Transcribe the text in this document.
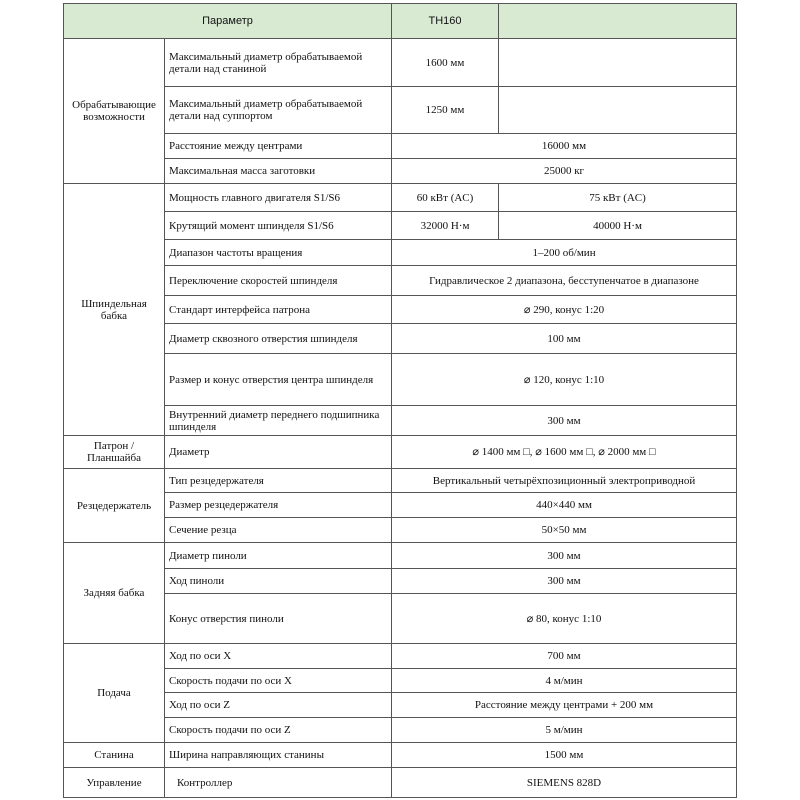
Параметр		TH160	
Обрабатывающие возможности	Максимальный диаметр обрабатываемой детали над станиной	1600 мм	
	Максимальный диаметр обрабатываемой детали над суппортом	1250 мм	
	Расстояние между центрами	16000 мм	
	Максимальная масса заготовки	25000 кг	
Шпиндельная бабка	Мощность главного двигателя S1/S6	60 кВт (AC)	75 кВт (AC)
	Крутящий момент шпинделя S1/S6	32000 Н·м	40000 Н·м
	Диапазон частоты вращения	1–200 об/мин	
	Переключение скоростей шпинделя	Гидравлическое 2 диапазона, бесступенчатое в диапазоне	
	Стандарт интерфейса патрона	⌀ 290, конус 1:20	
	Диаметр сквозного отверстия шпинделя	100 мм	
	Размер и конус отверстия центра шпинделя	⌀ 120, конус 1:10	
	Внутренний диаметр переднего подшипника шпинделя	300 мм	
Патрон / Планшайба	Диаметр	⌀ 1400 мм □, ⌀ 1600 мм □, ⌀ 2000 мм □	
Резцедержатель	Тип резцедержателя	Вертикальный четырёхпозиционный электроприводной	
	Размер резцедержателя	440×440 мм	
	Сечение резца	50×50 мм	
Задняя бабка	Диаметр пиноли	300 мм	
	Ход пиноли	300 мм	
	Конус отверстия пиноли	⌀ 80, конус 1:10	
Подача	Ход по оси X	700 мм	
	Скорость подачи по оси X	4 м/мин	
	Ход по оси Z	Расстояние между центрами + 200 мм	
	Скорость подачи по оси Z	5 м/мин	
Станина	Ширина направляющих станины	1500 мм	
Управление	Контроллер	SIEMENS 828D	
